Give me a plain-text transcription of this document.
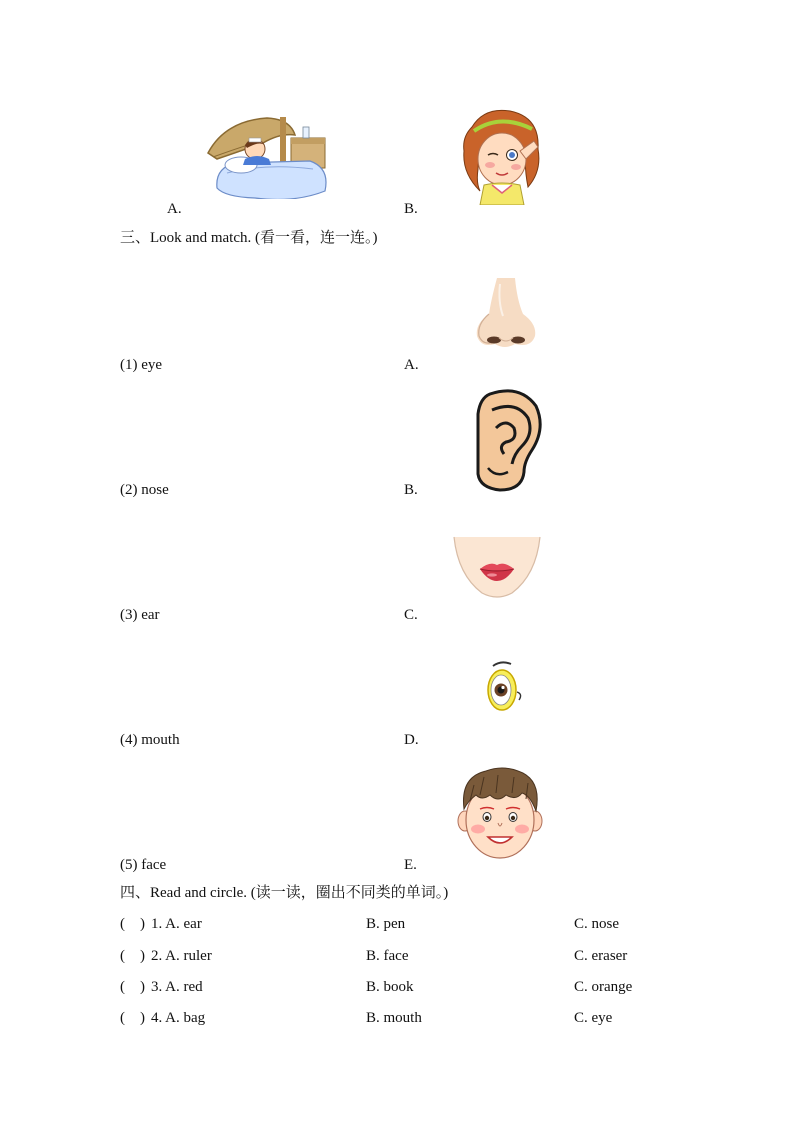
A.	B.
三、Look and match. (看一看，连一连。)
(1) eye	A.
(2) nose	B.
(3) ear	C.
(4) mouth	D.
(5) face	E.
四、Read and circle. (读一读，圈出不同类的单词。)
(    ) 1. A. ear	B. pen	C. nose
(    ) 2. A. ruler	B. face	C. eraser
(    ) 3. A. red	B. book	C. orange
(    ) 4. A. bag	B. mouth	C. eye
